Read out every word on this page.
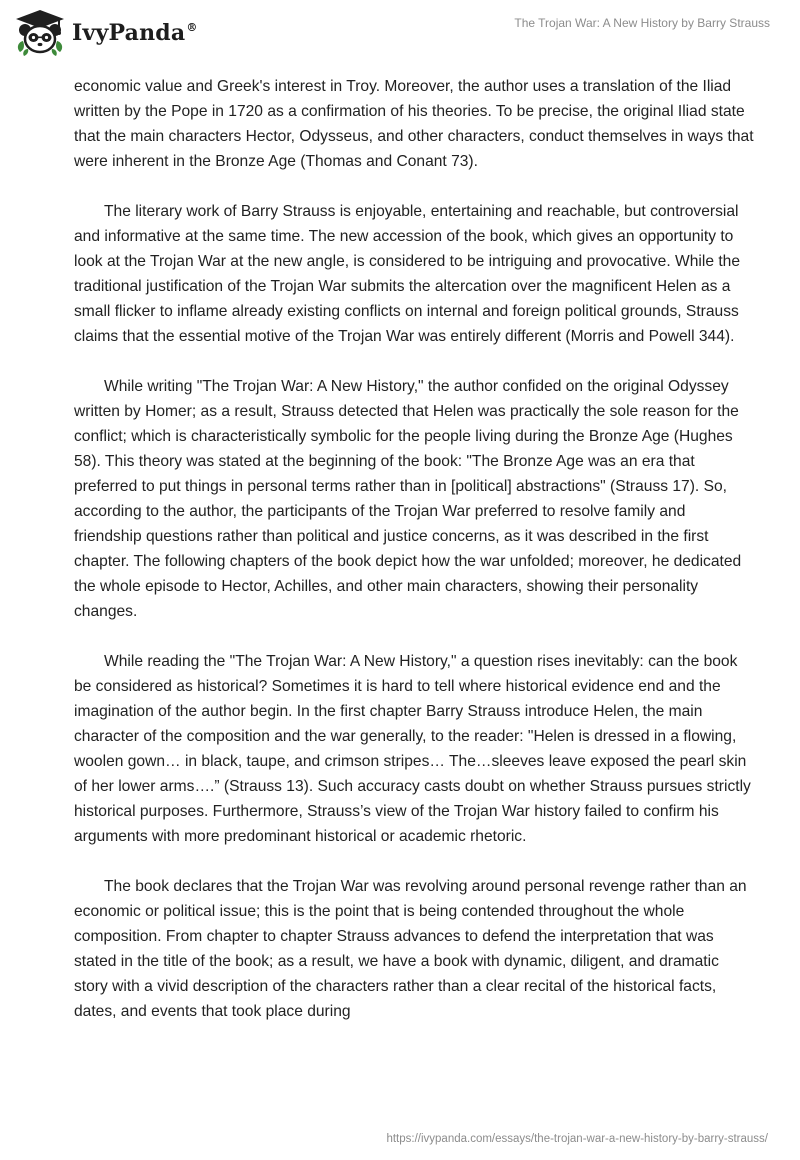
IvyPanda®	The Trojan War: A New History by Barry Strauss

economic value and Greek's interest in Troy. Moreover, the author uses a translation of the Iliad written by the Pope in 1720 as a confirmation of his theories. To be precise, the original Iliad state that the main characters Hector, Odysseus, and other characters, conduct themselves in ways that were inherent in the Bronze Age (Thomas and Conant 73).

The literary work of Barry Strauss is enjoyable, entertaining and reachable, but controversial and informative at the same time. The new accession of the book, which gives an opportunity to look at the Trojan War at the new angle, is considered to be intriguing and provocative. While the traditional justification of the Trojan War submits the altercation over the magnificent Helen as a small flicker to inflame already existing conflicts on internal and foreign political grounds, Strauss claims that the essential motive of the Trojan War was entirely different (Morris and Powell 344).

While writing "The Trojan War: A New History," the author confided on the original Odyssey written by Homer; as a result, Strauss detected that Helen was practically the sole reason for the conflict; which is characteristically symbolic for the people living during the Bronze Age (Hughes 58). This theory was stated at the beginning of the book: "The Bronze Age was an era that preferred to put things in personal terms rather than in [political] abstractions" (Strauss 17). So, according to the author, the participants of the Trojan War preferred to resolve family and friendship questions rather than political and justice concerns, as it was described in the first chapter. The following chapters of the book depict how the war unfolded; moreover, he dedicated the whole episode to Hector, Achilles, and other main characters, showing their personality changes.

While reading the "The Trojan War: A New History," a question rises inevitably: can the book be considered as historical? Sometimes it is hard to tell where historical evidence end and the imagination of the author begin. In the first chapter Barry Strauss introduce Helen, the main character of the composition and the war generally, to the reader: "Helen is dressed in a flowing, woolen gown… in black, taupe, and crimson stripes… The…sleeves leave exposed the pearl skin of her lower arms….” (Strauss 13). Such accuracy casts doubt on whether Strauss pursues strictly historical purposes. Furthermore, Strauss’s view of the Trojan War history failed to confirm his arguments with more predominant historical or academic rhetoric.

The book declares that the Trojan War was revolving around personal revenge rather than an economic or political issue; this is the point that is being contended throughout the whole composition. From chapter to chapter Strauss advances to defend the interpretation that was stated in the title of the book; as a result, we have a book with dynamic, diligent, and dramatic story with a vivid description of the characters rather than a clear recital of the historical facts, dates, and events that took place during

https://ivypanda.com/essays/the-trojan-war-a-new-history-by-barry-strauss/
